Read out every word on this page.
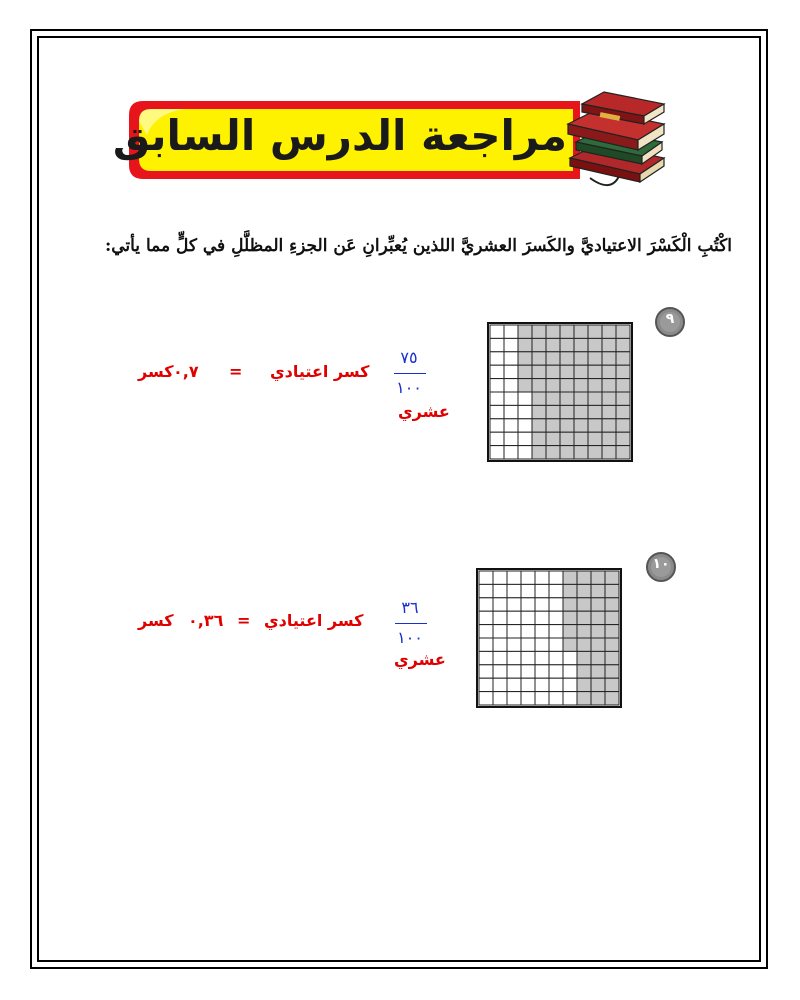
مراجعة الدرس السابق
اكْتُبِ الْكَسْرَ الاعتياديَّ والكَسرَ العشريَّ اللذين يُعبِّرانِ عَن الجزءِ المظلَّلِ في كلٍّ مما يأتي:
٩
٧٥
١٠٠
كسر اعتيادي
=
٠,٧
كسر
عشري
١٠
٣٦
١٠٠
كسر اعتيادي
=
٠,٣٦
كسر
عشري
